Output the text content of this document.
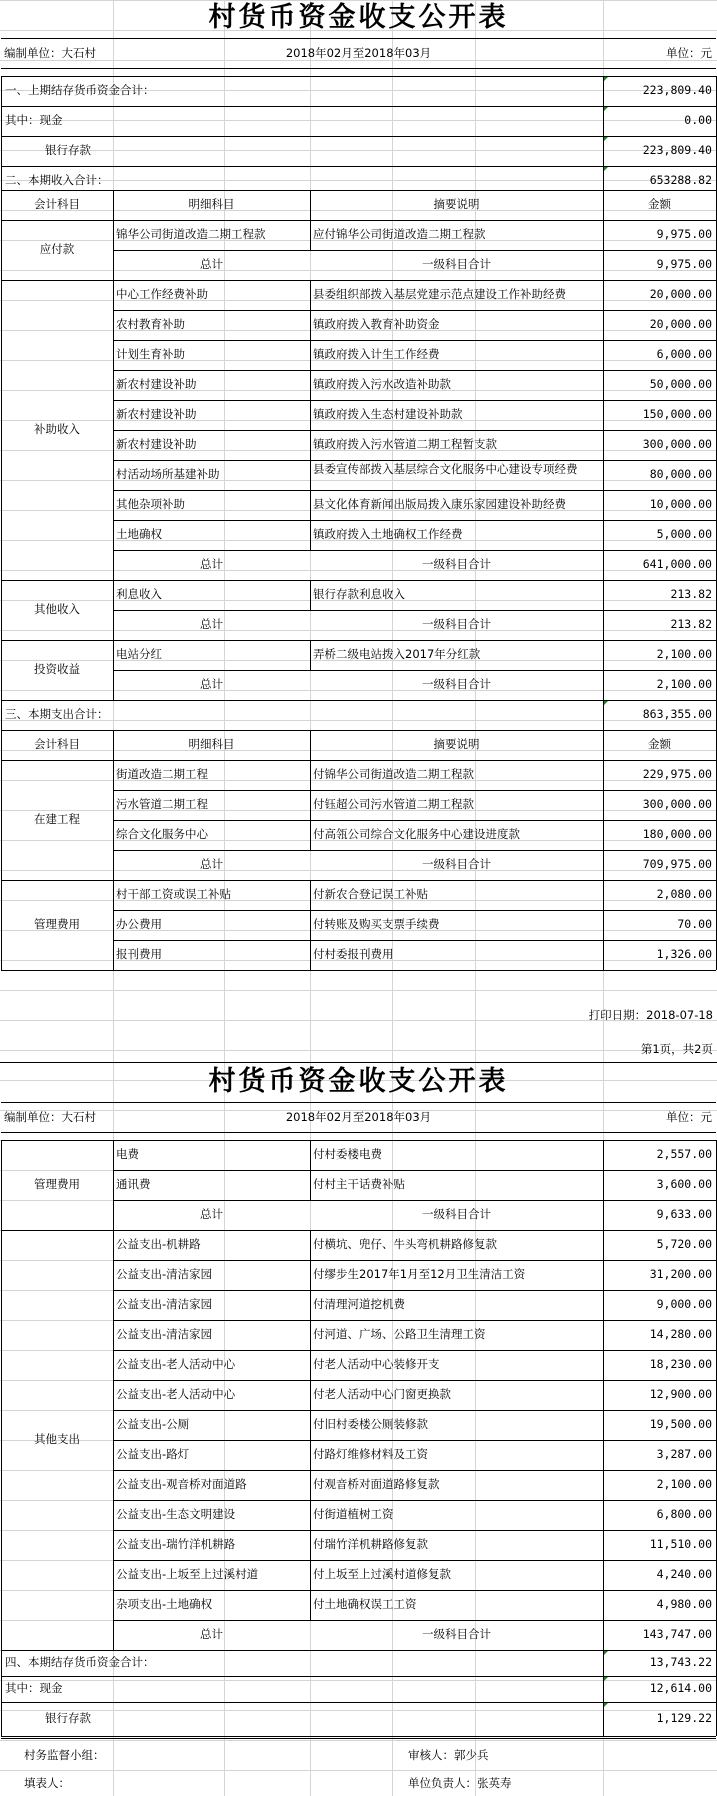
村货币资金收支公开表
编制单位：大石村	2018年02月至2018年03月	单位：元
一、上期结存货币资金合计：	223,809.40
其中：现金	0.00
银行存款	223,809.40
二、本期收入合计：	653288.82
会计科目	明细科目	摘要说明	金额
应付款
锦华公司街道改造二期工程款	应付锦华公司街道改造二期工程款	9,975.00
总计	一级科目合计	9,975.00
补助收入
中心工作经费补助	县委组织部拨入基层党建示范点建设工作补助经费	20,000.00
农村教育补助	镇政府拨入教育补助资金	20,000.00
计划生育补助	镇政府拨入计生工作经费	6,000.00
新农村建设补助	镇政府拨入污水改造补助款	50,000.00
新农村建设补助	镇政府拨入生态村建设补助款	150,000.00
新农村建设补助	镇政府拨入污水管道二期工程暂支款	300,000.00
村活动场所基建补助	县委宣传部拨入基层综合文化服务中心建设专项经费	80,000.00
其他杂项补助	县文化体育新闻出版局拨入康乐家园建设补助经费	10,000.00
土地确权	镇政府拨入土地确权工作经费	5,000.00
总计	一级科目合计	641,000.00
其他收入
利息收入	银行存款利息收入	213.82
总计	一级科目合计	213.82
投资收益
电站分红	弄桥二级电站拨入2017年分红款	2,100.00
总计	一级科目合计	2,100.00
三、本期支出合计：	863,355.00
会计科目	明细科目	摘要说明	金额
在建工程
街道改造二期工程	付锦华公司街道改造二期工程款	229,975.00
污水管道二期工程	付钰超公司污水管道二期工程款	300,000.00
综合文化服务中心	付高瓴公司综合文化服务中心建设进度款	180,000.00
总计	一级科目合计	709,975.00
管理费用
村干部工资或误工补贴	付新农合登记误工补贴	2,080.00
办公费用	付转账及购买支票手续费	70.00
报刊费用	付村委报刊费用	1,326.00
打印日期：2018-07-18
第1页，共2页
村货币资金收支公开表
编制单位：大石村	2018年02月至2018年03月	单位：元
管理费用
电费	付村委楼电费	2,557.00
通讯费	付村主干话费补贴	3,600.00
总计	一级科目合计	9,633.00
其他支出
公益支出-机耕路	付横坑、兜仔、牛头弯机耕路修复款	5,720.00
公益支出-清洁家园	付缪步生2017年1月至12月卫生清洁工资	31,200.00
公益支出-清洁家园	付清理河道挖机费	9,000.00
公益支出-清洁家园	付河道、广场、公路卫生清理工资	14,280.00
公益支出-老人活动中心	付老人活动中心装修开支	18,230.00
公益支出-老人活动中心	付老人活动中心门窗更换款	12,900.00
公益支出-公厕	付旧村委楼公厕装修款	19,500.00
公益支出-路灯	付路灯维修材料及工资	3,287.00
公益支出-观音桥对面道路	付观音桥对面道路修复款	2,100.00
公益支出-生态文明建设	付街道植树工资	6,800.00
公益支出-瑞竹洋机耕路	付瑞竹洋机耕路修复款	11,510.00
公益支出-上坂至上过溪村道	付上坂至上过溪村道修复款	4,240.00
杂项支出-土地确权	付土地确权误工工资	4,980.00
总计	一级科目合计	143,747.00
四、本期结存货币资金合计：	13,743.22
其中：现金	12,614.00
银行存款	1,129.22
村务监督小组：	审核人：郭少兵
填表人：	单位负责人：张英寿
